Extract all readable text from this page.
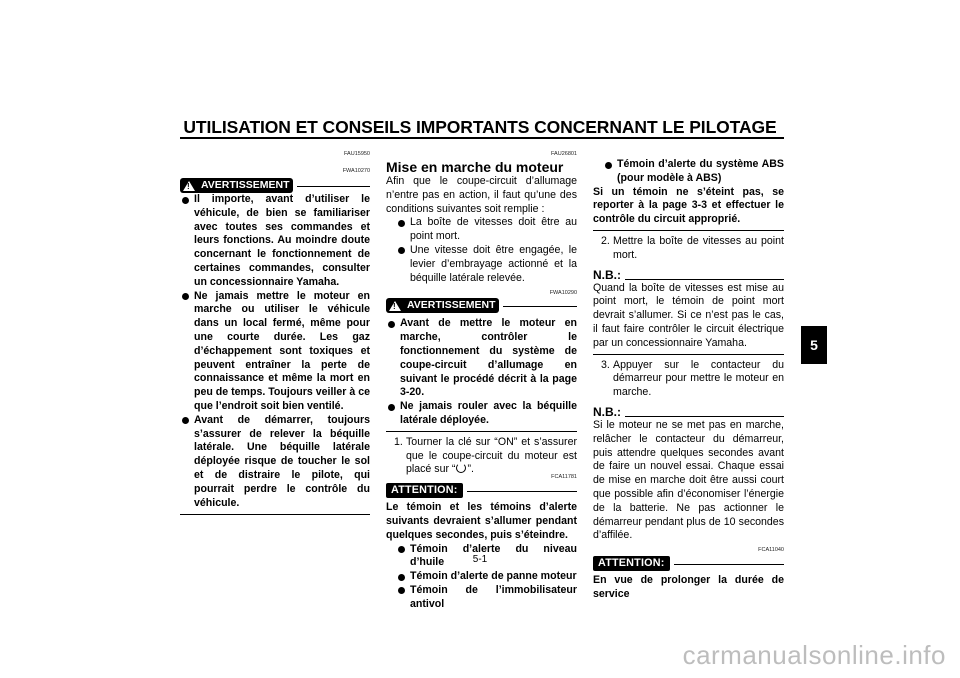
UTILISATION ET CONSEILS IMPORTANTS CONCERNANT LE PILOTAGE
5
FAU15950
!
AVERTISSEMENT
FWA10270
Il importe, avant d’utiliser le véhicule, de bien se familiariser avec toutes ses commandes et leurs fonctions. Au moindre doute concernant le fonctionnement de certaines commandes, consulter un concessionnaire Yamaha.
Ne jamais mettre le moteur en marche ou utiliser le véhicule dans un local fermé, même pour une courte durée. Les gaz d’échappement sont toxiques et peuvent entraîner la perte de connaissance et même la mort en peu de temps. Toujours veiller à ce que l’endroit soit bien ventilé.
Avant de démarrer, toujours s’assurer de relever la béquille latérale. Une béquille latérale déployée risque de toucher le sol et de distraire le pilote, qui pourrait perdre le contrôle du véhicule.
FAU26801
Mise en marche du moteur
Afin que le coupe-circuit d’allumage n’entre pas en action, il faut qu’une des conditions suivantes soit remplie :
La boîte de vitesses doit être au point mort.
Une vitesse doit être engagée, le levier d’embrayage actionné et la béquille latérale relevée.
FWA10290
!
AVERTISSEMENT
Avant de mettre le moteur en marche, contrôler le fonctionnement du système de coupe-circuit d’allumage en suivant le procédé décrit à la page 3-20.
Ne jamais rouler avec la béquille latérale déployée.
1. Tourner la clé sur “ON” et s’assurer que le coupe-circuit du moteur est placé sur “ ”.
FCA11781
ATTENTION:
Le témoin et les témoins d’alerte suivants devraient s’allumer pendant quelques secondes, puis s’éteindre.
Témoin d’alerte du niveau d’huile
Témoin d’alerte de panne moteur
Témoin de l’immobilisateur antivol
Témoin d’alerte du système ABS (pour modèle à ABS)
Si un témoin ne s’éteint pas, se reporter à la page 3-3 et effectuer le contrôle du circuit approprié.
2. Mettre la boîte de vitesses au point mort.
N.B.:
Quand la boîte de vitesses est mise au point mort, le témoin de point mort devrait s’allumer. Si ce n’est pas le cas, il faut faire contrôler le circuit électrique par un concessionnaire Yamaha.
3. Appuyer sur le contacteur du démarreur pour mettre le moteur en marche.
N.B.:
Si le moteur ne se met pas en marche, relâcher le contacteur du démarreur, puis attendre quelques secondes avant de faire un nouvel essai. Chaque essai de mise en marche doit être aussi court que possible afin d’économiser l’énergie de la batterie. Ne pas actionner le démarreur pendant plus de 10 secondes d’affilée.
FCA11040
ATTENTION:
En vue de prolonger la durée de service
5-1
carmanualsonline.info
